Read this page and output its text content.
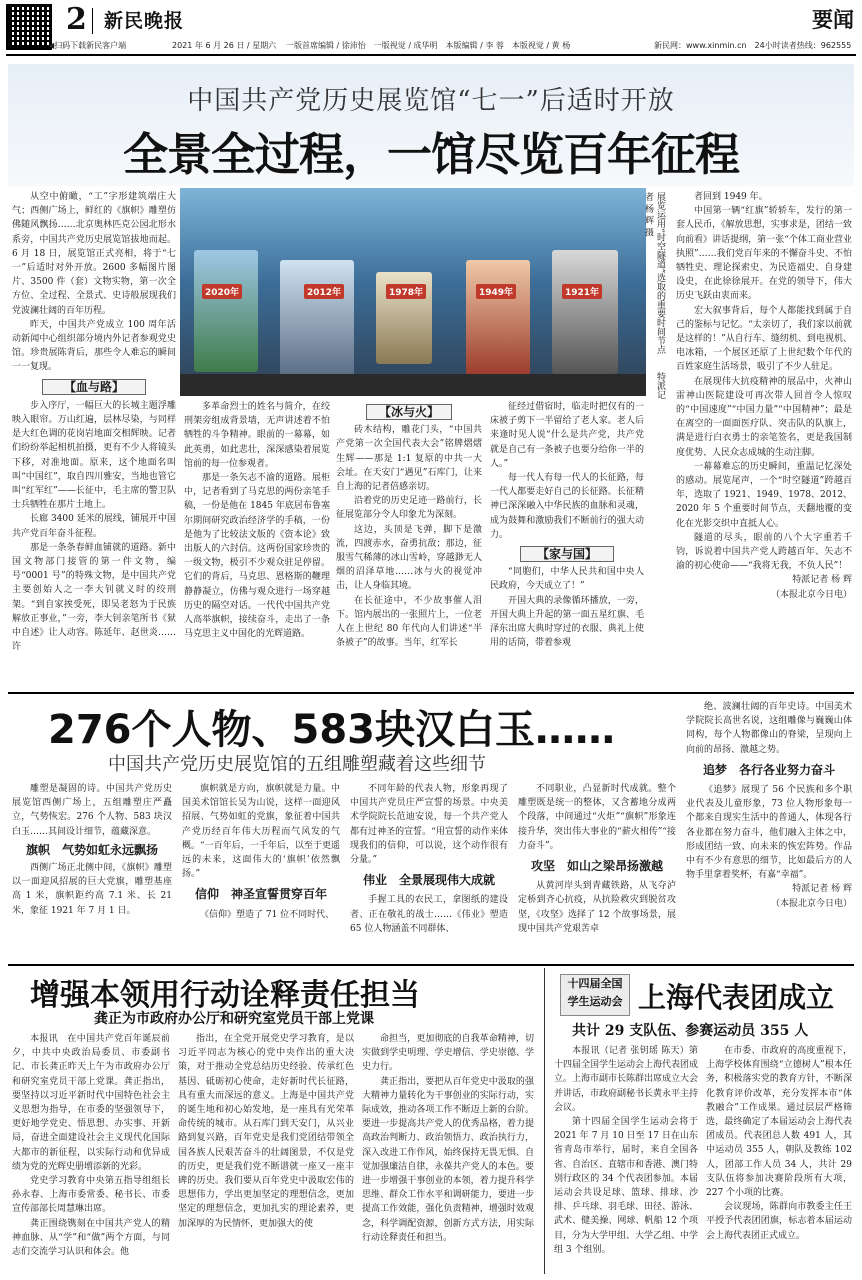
2 新民晚报	要闻
◀扫码下载新民客户端	2021 年 6 月 26 日 / 星期六 一版首席编辑 / 徐沛怡　一版视觉 / 成华明　本版编辑 / 李 蓉　本版视觉 / 黄 杨	新民网：www.xinmin.cn　24小时读者热线：962555
中国共产党历史展览馆“七一”后适时开放
全景全过程，一馆尽览百年征程

从空中俯瞰，“工”字形建筑端庄大气；西侧广场上，鲜红的《旗帜》雕塑仿佛随风飘扬……北京奥林匹克公园北形水系旁，中国共产党历史展览馆拔地而起。6 月 18 日，展览馆正式亮相，将于“七一”后适时对外开放。2600 多幅图片图片、3500 件（套）文物实物，第一次全方位、全过程、全景式、史诗般展现我们党波澜壮阔的百年历程。

昨天，中国共产党成立 100 周年活动新闻中心组织部分境内外记者参观党史馆。珍贵展陈背后，那些令人难忘的瞬间一一复现。

【血与路】

步入序厅，一幅巨大的长城主题浮雕映入眼帘。万山红遍，层林尽染，与同样是大红色调的花岗岩地面交相辉映。记者们纷纷举起相机拍摄，更有不少人将镜头下移，对准地面。原来，这个地面名叫叫“中国红”，取自四川雅安，当地也管它叫“红军红”——长征中，毛主席的警卫队士兵牺牲在那片土地上。

长廊 3400 延米的展线，铺展开中国共产党百年奋斗征程。

那是一条条春鲜血铺就的道路。新中国文物部门接管的第一件文物，编号“0001 号”的特殊文物，是中国共产党主要创始人之一李大钊就义时的绞刑架。“到自家挨受死，即吴老怒为于民族解放正事业，”一旁，李大钊亲笔所书《狱中自述》让人动容。陈延年、赵世炎……许

2020年	2012年	1978年	1949年	1921年	展览运用“时空隧道”选取的重要时间节点　　特派记者 杨 辉 摄

多革命烈士的姓名与简介，在绞刑架旁组成背景墙，无声讲述着不怕牺牲的斗争精神。眼前的一幕幕，如此英勇，如此悲壮，深深感染着展览馆前的每一位参观者。

那是一条矢志不渝的道路。展柜中，记者看到了马克思的两份亲笔手稿，一份是他在 1845 年底居布鲁塞尔期间研究政治经济学的手稿，一份是他为了比较法文版的《资本论》致出版人的六封信。这两份国家珍贵的一级文物，极引不少观众驻足停留。它们的背后，马克思、恩格斯的鞭理静静凝立，仿佛与观众进行一场穿越历史的隔空对话。一代代中国共产党人高举旗帜，接续奋斗，走出了一条马克思主义中国化的光辉道路。

【冰与火】

砖木结构，雕花门头，“中国共产党第一次全国代表大会”铭牌熠熠生辉——那是 1:1 复原的中共一大会址。在天安门“遇见”石库门，让来自上海的记者倍感亲切。

沿着党的历史足迹一路前行，长征展览部分令人印象尤为深刻。

这边，头顶是飞弹，脚下是激流，四渡赤水，奋勇抗敌；那边，征服雪气稀薄的冰山雪岭，穿越渺无人烟的沼泽草地……冰与火的视觉冲击，让人身临其境。

在长征途中，不少故事催人泪下。馆内展出的一张照片上，一位老人在上世纪 80 年代向人们讲述“半条被子”的故事。当年，红军长

征经过借宿时，临走时把仅有的一床被子剪下一半留给了老人家。老人后来逢时见人说“什么是共产党，共产党就是自己有一条被子也要分给你一半的人。”

每一代人有每一代人的长征路，每一代人都要走好自己的长征路。长征精神已深深融入中华民族的血脉和灵魂，成为鼓舞和激励我们不断前行的强大动力。

【家与国】

“同胞们，中华人民共和国中央人民政府，今天成立了！”

开国大典的录像循环播放，一旁，开国大典上升起的第一面五星红旗、毛泽东出席大典时穿过的衣服、典礼上使用的话筒，带着参观

者回到 1949 年。

中国第一辆“红旗”轿轿车，发行的第一套人民币，《解放思想，实事求是，团结一致向前看》讲话提纲，第一张“个体工商业营业执照”……我们党百年来的不懈奋斗史、不怕牺牲史、理论探索史、为民造福史、自身建设史，在此徐徐展开。在党的领导下，伟大历史飞跃由衷而来。

宏大叙事背后，每个人都能找到属于自己的鉴标与记忆。“太亲切了，我们家以前就是这样的！”从自行车、缝纫机、到电视机、电冰箱，一个展区还原了上世纪数个年代的百姓家庭生活场景，吸引了不少人驻足。

在展现伟大抗疫精神的展品中，火神山雷神山医院建设可再次带人回首令人惊叹的“中国速度”“中国力量”“中国精神”；最是在离空的一面面医疗队、突击队的队旗上，满是进行白衣勇士的亲笔签名，更是我国制度优势、人民众志成城的生动注脚。

一幕幕难忘的历史瞬间，重温记忆深处的感动。展览尾声，一个“时空隧道”跨越百年，选取了 1921、1949、1978、2012、2020 年 5 个重要时间节点，天翻地覆的变化在光影交织中直抵人心。

隧道的尽头，眼前的八个大字重若千钧，诉说着中国共产党人跨越百年、矢志不渝的初心使命——“我将无我，不负人民”！

特派记者 杨 辉
（本报北京今日电）
276个人物、583块汉白玉……
中国共产党历史展览馆的五组雕塑藏着这些细节

雕塑是凝固的诗。中国共产党历史展览馆西侧广场上，五组雕塑庄严矗立，气势恢宏。276 个人物、583 块汉白玉……其间设计细节，蕴藏深意。

旗帜　气势如虹永远飘扬

西侧广场正北侧中间，《旗帜》雕塑以一面迎风招展的巨大党旗，雕塑基座高 1 米，旗帜距约高 7.1 米、长 21 米，象征 1921 年 7 月 1 日。

旗帜就是方向，旗帜就是力量。中国美术馆馆长吴为山说，这样一面迎风招展、气势如虹的党旗，象征着中国共产党历经百年伟大历程而气风发的气概。“一百年后，一千年后，以至于更遥远的未来，这面伟大的‘旗帜’依然飘扬。”

信仰　神圣宣誓贯穿百年

《信仰》塑造了 71 位不同时代、

不同年龄的代表人物，形象再现了中国共产党员庄严宣誓的场景。中央美术学院院长范迪安说，每一个共产党人都有过神圣的宣誓。“用宣誓的动作来体现我们的信仰，可以说，这个动作很有分量。”

伟业　全景展现伟大成就

手握工具的农民工，拿图纸的建设者、正在敬礼的战士……《伟业》塑造 65 位人物涵盖不同群体、

不同职业，凸显新时代成就。整个雕塑既是统一的整体，又含蓄地分成两个段落，中间通过“火炬”“旗帜”形象连接升华，突出伟大事业的“薪火相传”“接力奋斗”。

攻坚　如山之梁昂扬激越

从黄河岸头到青藏铁路，从飞夺泸定桥到齐心抗疫，从抗险救灾到脱贫攻坚，《攻坚》选择了 12 个故事场景，展现中国共产党艰苦卓

绝、波澜壮阔的百年史诗。中国美术学院院长高世名说，这组雕像与巍巍山体同构，每个人物都像山的脊梁，呈现向上向前的昂扬、激越之势。

追梦　各行各业努力奋斗

《追梦》展现了 56 个民族和多个职业代表及儿童形象，73 位人物形象每一个都来自现实生活中的普通人，体现各行各业都在努力奋斗，他们融入主体之中，形成团结一致、向未来的恢宏阵势。作品中有不少有意思的细节，比如最后方的人物手里拿着奖杯，有嘉“幸福”。

特派记者 杨 辉
（本报北京今日电）
增强本领用行动诠释责任担当
龚正为市政府办公厅和研究室党员干部上党课

本报讯　在中国共产党百年诞辰前夕，中共中央政治局委员、市委副书记、市长龚正昨天上午为市政府办公厅和研究室党员干部上党课。龚正指出，要坚持以习近平新时代中国特色社会主义思想为指导，在市委的坚强领导下，更好地学党史、悟思想、办实事、开新局，奋进全面建设社会主义现代化国际大都市的新征程，以实际行动和优异成绩为党的光辉史册增添新的光彩。

党史学习教育中央第五指导组组长孙永春、上海市委常委、秘书长、市委宣传部部长周慧琳出席。

龚正围绕镌刻在中国共产党人的精神血脉、从“学”和“做”两个方面，与同志们交流学习认识和体会。他

指出，在全党开展党史学习教育，是以习近平同志为核心的党中央作出的重大决策，对于推动全党总结历史经验、传承红色基因、砥砺初心使命，走好新时代长征路，具有重大而深远的意义。上海是中国共产党的诞生地和初心始发地，是一座具有光荣革命传统的城市。从石库门到天安门，从兴业路到复兴路，百年党史是我们党团结带领全国各族人民艰苦奋斗的壮阔图景，不仅是党的历史，更是我们党不断谱就一座又一座丰碑的历史。我们要从百年党史中汲取宏伟的思想伟力，学出更加坚定的理想信念，更加坚定的理想信念，更加扎实的理论素养，更加深厚的为民情怀，更加强大的使

命担当，更加彻底的自我革命精神，切实做到学史明理、学史增信、学史崇德、学史力行。

龚正指出，要把从百年党史中汲取的强大精神力量转化为干事创业的实际行动，实际成效，推动各项工作不断迈上新的台阶。要进一步提高共产党人的优秀品格，着力提高政治判断力、政治领悟力、政治执行力，深入改进工作作风，始终保持无畏无惧、自觉加强廉洁自律，永葆共产党人的本色。要进一步增强干事创业的本领，着力提升科学思维、群众工作水平和调研能力，要进一步提高工作效能，强化负责精神，增强时效观念，科学调配资源，创新方式方法，用实际行动诠释责任和担当。

十四届全国
学生运动会 上海代表团成立
共计 29 支队伍、参赛运动员 355 人

本报讯（记者 张钥瑶 陈天）第十四届全国学生运动会上海代表团成立。上海市副市长陈群出席成立大会并讲话，市政府副秘书长黄永平主持会议。

第十四届全国学生运动会将于 2021 年 7 月 10 日至 17 日在山东省青岛市举行，届时，来自全国各省、自治区、直辖市和香港、澳门特别行政区的 34 个代表团参加。本届运动会共设足球、篮球、排球、沙排、乒乓球、羽毛球、田径、游泳、武术、健美操、网球、帆船 12 个项目，分为大学甲组、大学乙组、中学组 3 个组别。

在市委、市政府的高度重视下，上海学校体育围绕“立德树人”根本任务，积极落实党的教育方针，不断深化教育评价改革，充分发挥本市“体教融合”工作成果。通过层层严格筛选，最终确定了本届运动会上海代表团成员。代表团总人数 491 人，其中运动员 355 人，朝队及教练 102 人，团部工作人员 34 人，共计 29 支队伍将参加决赛阶段所有大项，227 个小项的比赛。

会议现场，陈群向市教委主任王平授予代表团团旗，标志着本届运动会上海代表团正式成立。
